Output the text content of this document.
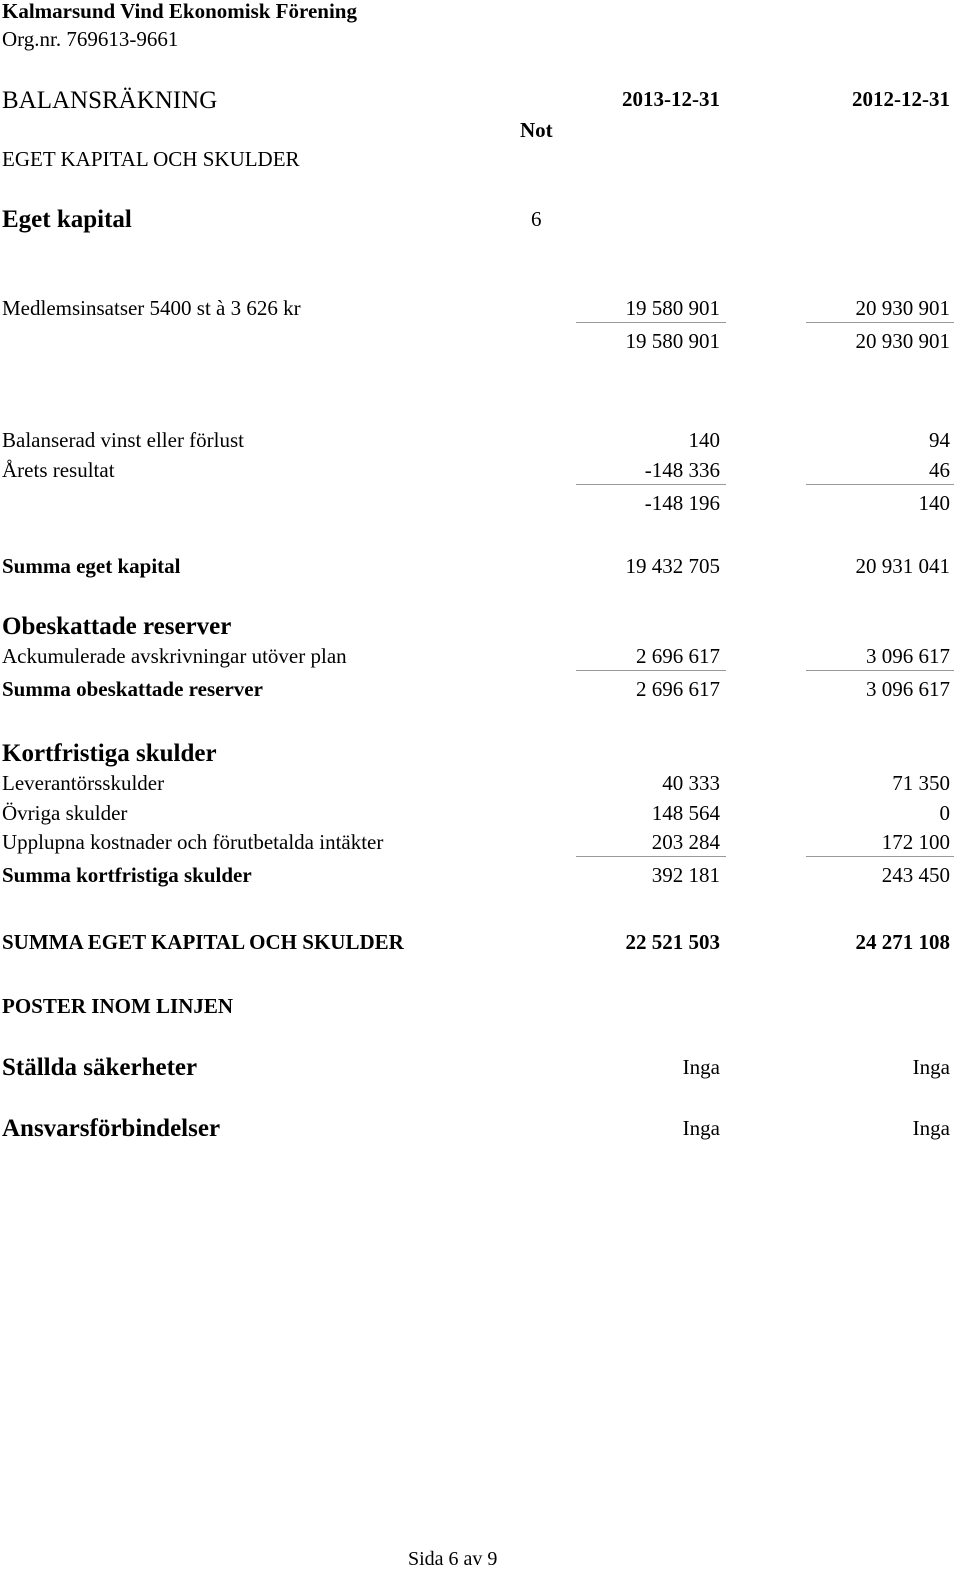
Kalmarsund Vind Ekonomisk Förening
Org.nr. 769613-9661
BALANSRÄKNING	2013-12-31	2012-12-31
Not
EGET KAPITAL OCH SKULDER
Eget kapital	6
Medlemsinsatser 5400 st à 3 626 kr	19 580 901	20 930 901
19 580 901	20 930 901
Balanserad vinst eller förlust	140	94
Årets resultat	-148 336	46
-148 196	140
Summa eget kapital	19 432 705	20 931 041
Obeskattade reserver
Ackumulerade avskrivningar utöver plan	2 696 617	3 096 617
Summa obeskattade reserver	2 696 617	3 096 617
Kortfristiga skulder
Leverantörsskulder	40 333	71 350
Övriga skulder	148 564	0
Upplupna kostnader och förutbetalda intäkter	203 284	172 100
Summa kortfristiga skulder	392 181	243 450
SUMMA EGET KAPITAL OCH SKULDER	22 521 503	24 271 108
POSTER INOM LINJEN
Ställda säkerheter	Inga	Inga
Ansvarsförbindelser	Inga	Inga
Sida 6 av 9
